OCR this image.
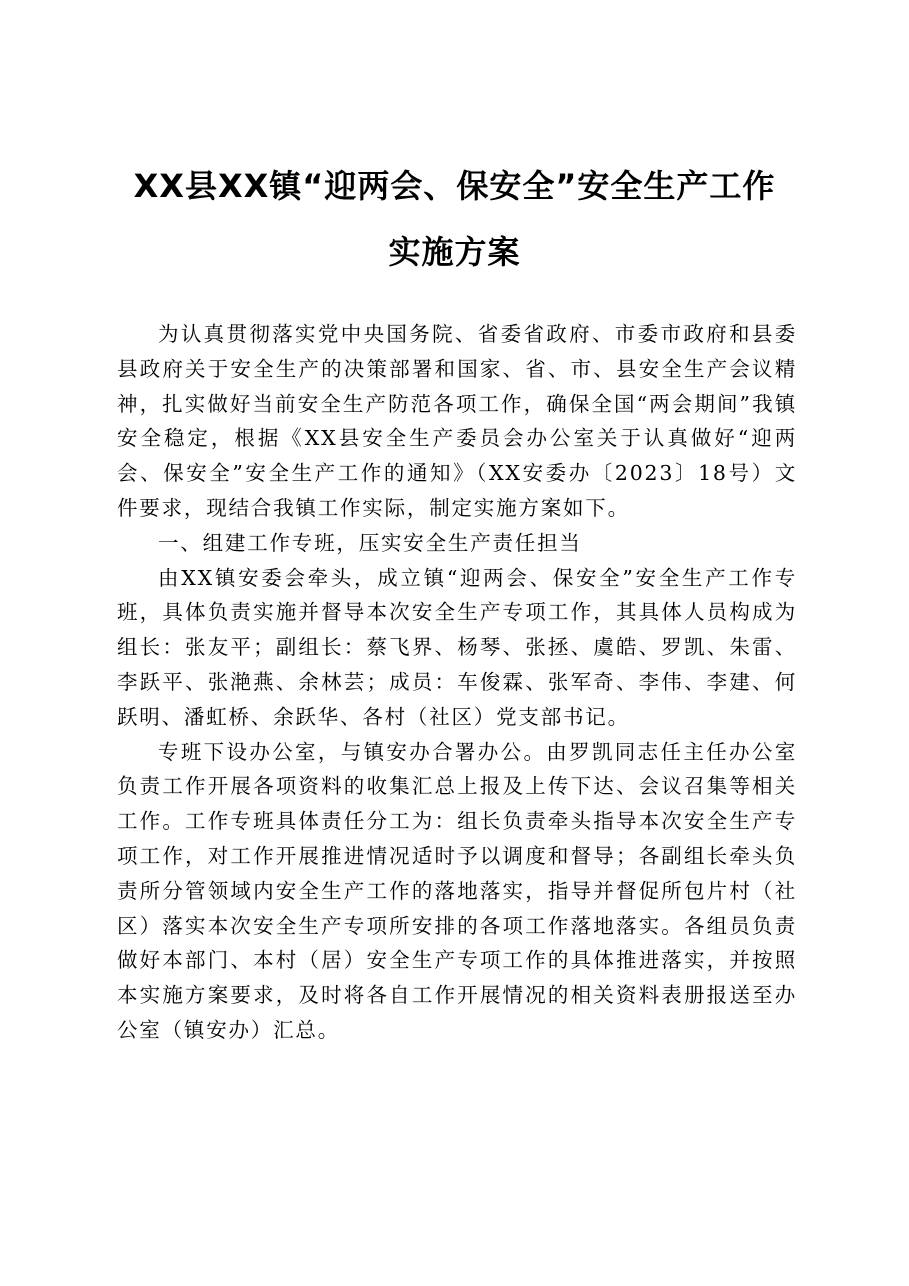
XX县XX镇“迎两会、保安全”安全生产工作
实施方案

为认真贯彻落实党中央国务院、省委省政府、市委市政府和县委县政府关于安全生产的决策部署和国家、省、市、县安全生产会议精神，扎实做好当前安全生产防范各项工作，确保全国“两会期间”我镇安全稳定，根据《XX县安全生产委员会办公室关于认真做好“迎两会、保安全”安全生产工作的通知》（XX安委办〔2023〕18号）文件要求，现结合我镇工作实际，制定实施方案如下。

一、组建工作专班，压实安全生产责任担当

由XX镇安委会牵头，成立镇“迎两会、保安全”安全生产工作专班，具体负责实施并督导本次安全生产专项工作，其具体人员构成为组长：张友平；副组长：蔡飞界、杨琴、张拯、虞皓、罗凯、朱雷、李跃平、张滟燕、余林芸；成员：车俊霖、张军奇、李伟、李建、何跃明、潘虹桥、余跃华、各村（社区）党支部书记。

专班下设办公室，与镇安办合署办公。由罗凯同志任主任办公室负责工作开展各项资料的收集汇总上报及上传下达、会议召集等相关工作。工作专班具体责任分工为：组长负责牵头指导本次安全生产专项工作，对工作开展推进情况适时予以调度和督导；各副组长牵头负责所分管领域内安全生产工作的落地落实，指导并督促所包片村（社区）落实本次安全生产专项所安排的各项工作落地落实。各组员负责做好本部门、本村（居）安全生产专项工作的具体推进落实，并按照本实施方案要求，及时将各自工作开展情况的相关资料表册报送至办公室（镇安办）汇总。
